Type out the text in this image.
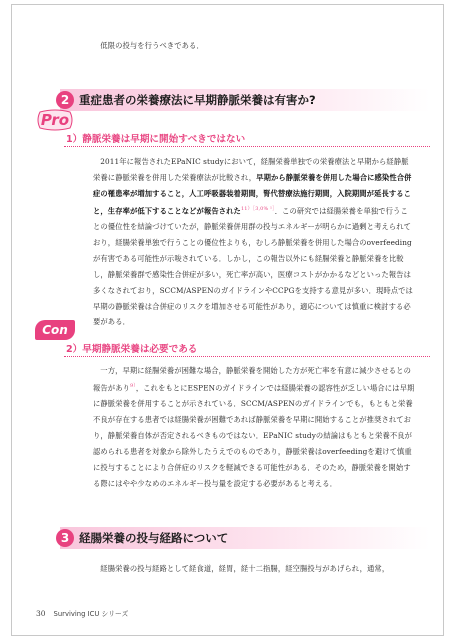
低限の投与を行うべきである．

2 重症患者の栄養療法に早期静脈栄養は有害か?
Pro
1）静脈栄養は早期に開始すべきではない

2011年に報告されたEPaNIC studyにおいて，経腸栄養単独での栄養療法と早期から経静脈栄養に静脈栄養を併用した栄養療法が比較され，早期から静脈栄養を併用した場合に感染性合併症の罹患率が増加すること，人工呼吸器装着期間，腎代替療法施行期間，入院期間が延長すること，生存率が低下することなどが報告された$^{11)[3,0\% ^1]}$．この研究では経腸栄養を単独で行うことの優位性を結論づけていたが，静脈栄養併用群の投与エネルギーが明らかに過剰と考えられており，経腸栄養単独で行うことの優位性よりも，むしろ静脈栄養を併用した場合のoverfeedingが有害である可能性が示唆されている．しかし，この報告以外にも経腸栄養と静脈栄養を比較し，静脈栄養群で感染性合併症が多い，死亡率が高い，医療コストがかかるなどといった報告は多くなされており，SCCM/ASPENのガイドラインやCCPGを支持する意見が多い．現時点では早期の静脈栄養は合併症のリスクを増加させる可能性があり，適応については慎重に検討する必要がある．

Con
2）早期静脈栄養は必要である

一方，早期に経腸栄養が困難な場合，静脈栄養を開始した方が死亡率を有意に減少させるとの報告があり$^{9)}$，これをもとにESPENのガイドラインでは経腸栄養の認容性が乏しい場合には早期に静脈栄養を併用することが示されている．SCCM/ASPENのガイドラインでも，もともと栄養不良が存在する患者では経腸栄養が困難であれば静脈栄養を早期に開始することが推奨されており，静脈栄養自体が否定されるべきものではない．EPaNIC studyの結論はもともと栄養不良が認められる患者を対象から除外したうえでのものであり，静脈栄養はoverfeedingを避けて慎重に投与することにより合併症のリスクを軽減できる可能性がある．そのため，静脈栄養を開始する際にはやや少なめのエネルギー投与量を設定する必要があると考える．

3 経腸栄養の投与経路について

経腸栄養の投与経路として経食道，経胃，経十二指腸，経空腸投与があげられ，通常，

30 Surviving ICU シリーズ
